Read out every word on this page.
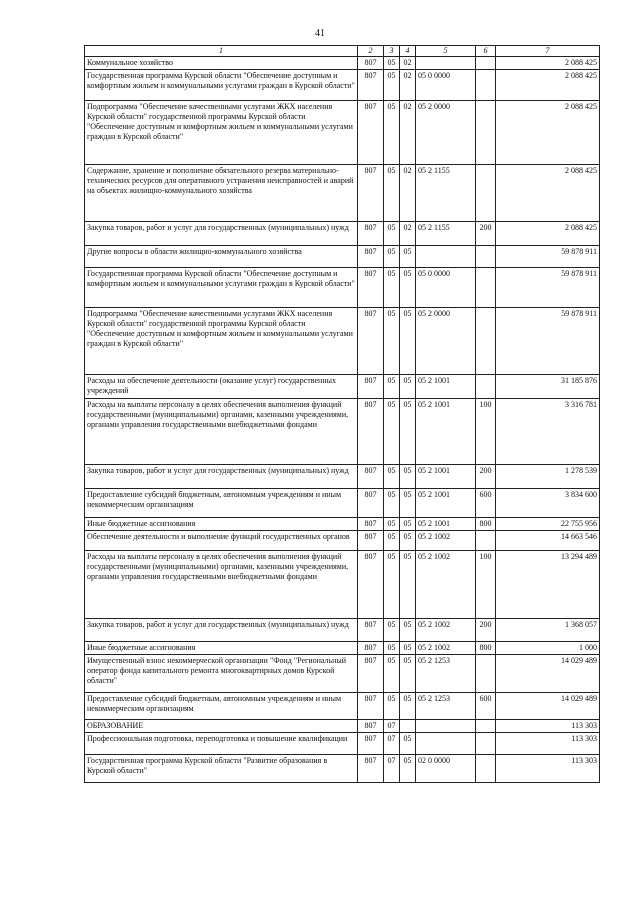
41
1	2	3	4	5	6	7
Коммунальное хозяйство	807	05	02			2 088 425
Государственная программа Курской области "Обеспечение доступным и комфортным жильем и коммунальными услугами граждан в Курской области"	807	05	02	05 0 0000		2 088 425
Подпрограмма "Обеспечение качественными услугами ЖКХ населения Курской области" государственной программы Курской области "Обеспечение доступным и комфортным жильем и коммунальными услугами граждан в Курской области"	807	05	02	05 2 0000		2 088 425
Содержание, хранение и пополнение обязательного резерва материально-технических ресурсов для оперативного устранения неисправностей и аварий на объектах жилищно-коммунального хозяйства	807	05	02	05 2 1155		2 088 425
Закупка товаров, работ и услуг для государственных (муниципальных) нужд	807	05	02	05 2 1155	200	2 088 425
Другие вопросы в области жилищно-коммунального хозяйства	807	05	05			59 878 911
Государственная программа Курской области "Обеспечение доступным и комфортным жильем и коммунальными услугами граждан в Курской области"	807	05	05	05 0 0000		59 878 911
Подпрограмма "Обеспечение качественными услугами ЖКХ населения Курской области" государственной программы Курской области "Обеспечение доступным и комфортным жильем и коммунальными услугами граждан в Курской области"	807	05	05	05 2 0000		59 878 911
Расходы на обеспечение деятельности (оказание услуг) государственных учреждений	807	05	05	05 2 1001		31 185 876
Расходы на выплаты персоналу в целях обеспечения выполнения функций государственными (муниципальными) органами, казенными учреждениями, органами управления государственными внебюджетными фондами	807	05	05	05 2 1001	100	3 316 781
Закупка товаров, работ и услуг для государственных (муниципальных) нужд	807	05	05	05 2 1001	200	1 278 539
Предоставление субсидий бюджетным, автономным учреждениям и иным некоммерческим организациям	807	05	05	05 2 1001	600	3 834 600
Иные бюджетные ассигнования	807	05	05	05 2 1001	800	22 755 956
Обеспечение деятельности и выполнение функций государственных органов	807	05	05	05 2 1002		14 663 546
Расходы на выплаты персоналу в целях обеспечения выполнения функций государственными (муниципальными) органами, казенными учреждениями, органами управления государственными внебюджетными фондами	807	05	05	05 2 1002	100	13 294 489
Закупка товаров, работ и услуг для государственных (муниципальных) нужд	807	05	05	05 2 1002	200	1 368 057
Иные бюджетные ассигнования	807	05	05	05 2 1002	800	1 000
Имущественный взнос некоммерческой организации "Фонд "Региональный оператор фонда капитального ремонта многоквартирных домов Курской области"	807	05	05	05 2 1253		14 029 489
Предоставление субсидий бюджетным, автономным учреждениям и иным некоммерческим организациям	807	05	05	05 2 1253	600	14 029 489
ОБРАЗОВАНИЕ	807	07				113 303
Профессиональная подготовка, переподготовка и повышение квалификации	807	07	05			113 303
Государственная программа Курской области "Развитие образования в Курской области"	807	07	05	02 0 0000		113 303
